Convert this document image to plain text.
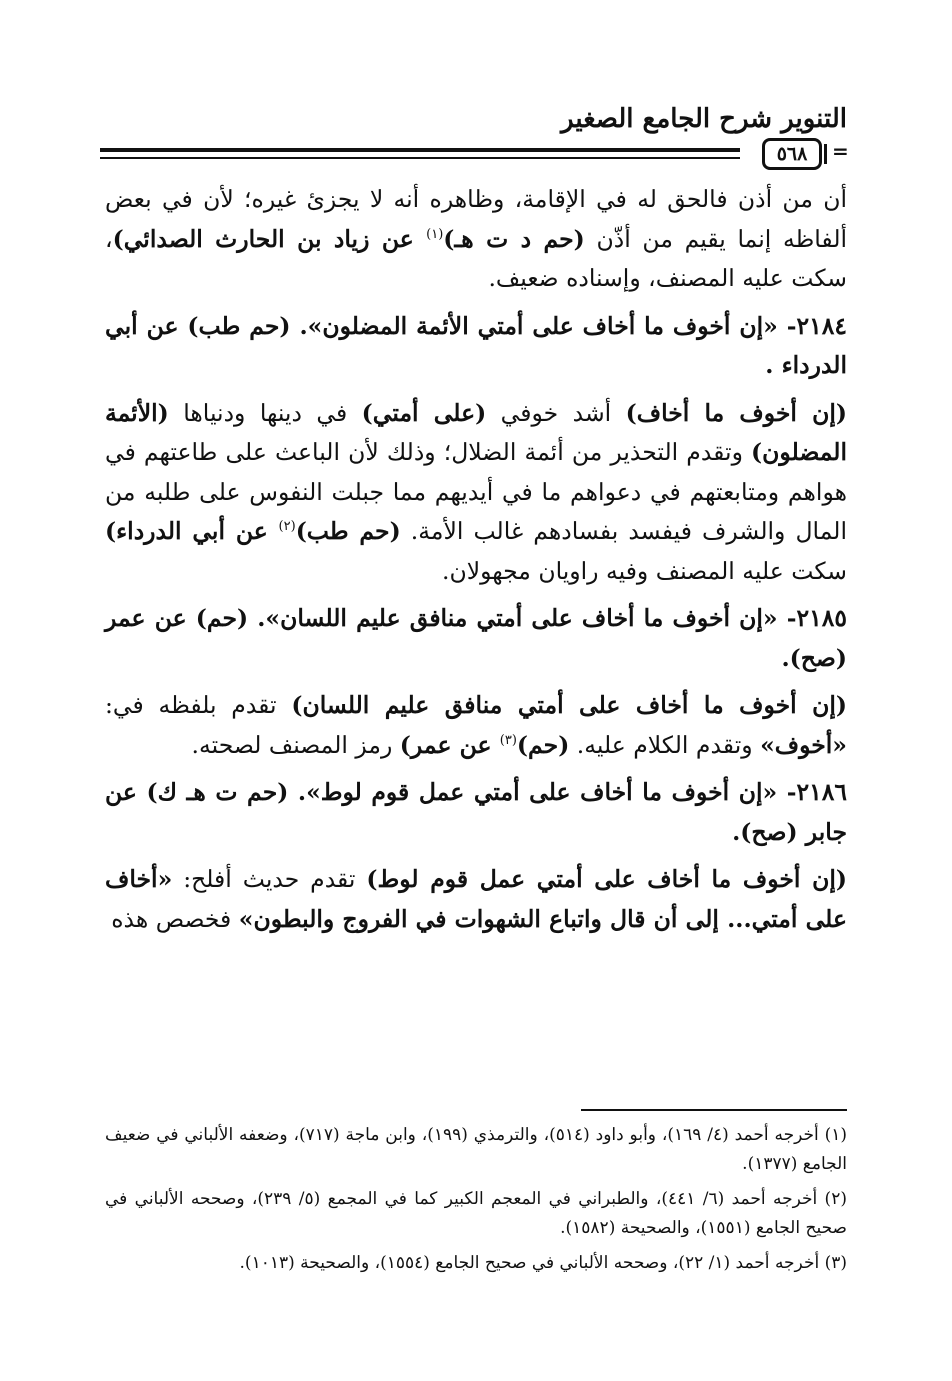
التنوير شرح الجامع الصغير
٥٦٨	=

أن من أذن فالحق له في الإقامة، وظاهره أنه لا يجزئ غيره؛ لأن في بعض ألفاظه إنما يقيم من أذّن (حم د ت هـ)$^{(١)}$ عن زياد بن الحارث الصدائي)، سكت عليه المصنف، وإسناده ضعيف.

٢١٨٤- «إن أخوف ما أخاف على أمتي الأئمة المضلون». (حم طب) عن أبي الدرداء .

(إن أخوف ما أخاف) أشد خوفي (على أمتي) في دينها ودنياها (الأئمة المضلون) وتقدم التحذير من أئمة الضلال؛ وذلك لأن الباعث على طاعتهم في هواهم ومتابعتهم في دعواهم ما في أيديهم مما جبلت النفوس على طلبه من المال والشرف فيفسد بفسادهم غالب الأمة. (حم طب)$^{(٢)}$ عن أبي الدرداء) سكت عليه المصنف وفيه راويان مجهولان.

٢١٨٥- «إن أخوف ما أخاف على أمتي منافق عليم اللسان». (حم) عن عمر (صح).

(إن أخوف ما أخاف على أمتي منافق عليم اللسان) تقدم بلفظه في: «أخوف» وتقدم الكلام عليه. (حم)$^{(٣)}$ عن عمر) رمز المصنف لصحته.

٢١٨٦- «إن أخوف ما أخاف على أمتي عمل قوم لوط». (حم ت هـ ك) عن جابر (صح).

(إن أخوف ما أخاف على أمتي عمل قوم لوط) تقدم حديث أفلح: «أخاف على أمتي... إلى أن قال واتباع الشهوات في الفروج والبطون» فخصص هذه

(١) أخرجه أحمد (٤/ ١٦٩)، وأبو داود (٥١٤)، والترمذي (١٩٩)، وابن ماجة (٧١٧)، وضعفه الألباني في ضعيف الجامع (١٣٧٧).

(٢) أخرجه أحمد (٦/ ٤٤١)، والطبراني في المعجم الكبير كما في المجمع (٥/ ٢٣٩)، وصححه الألباني في صحيح الجامع (١٥٥١)، والصحيحة (١٥٨٢).

(٣) أخرجه أحمد (١/ ٢٢)، وصححه الألباني في صحيح الجامع (١٥٥٤)، والصحيحة (١٠١٣).
